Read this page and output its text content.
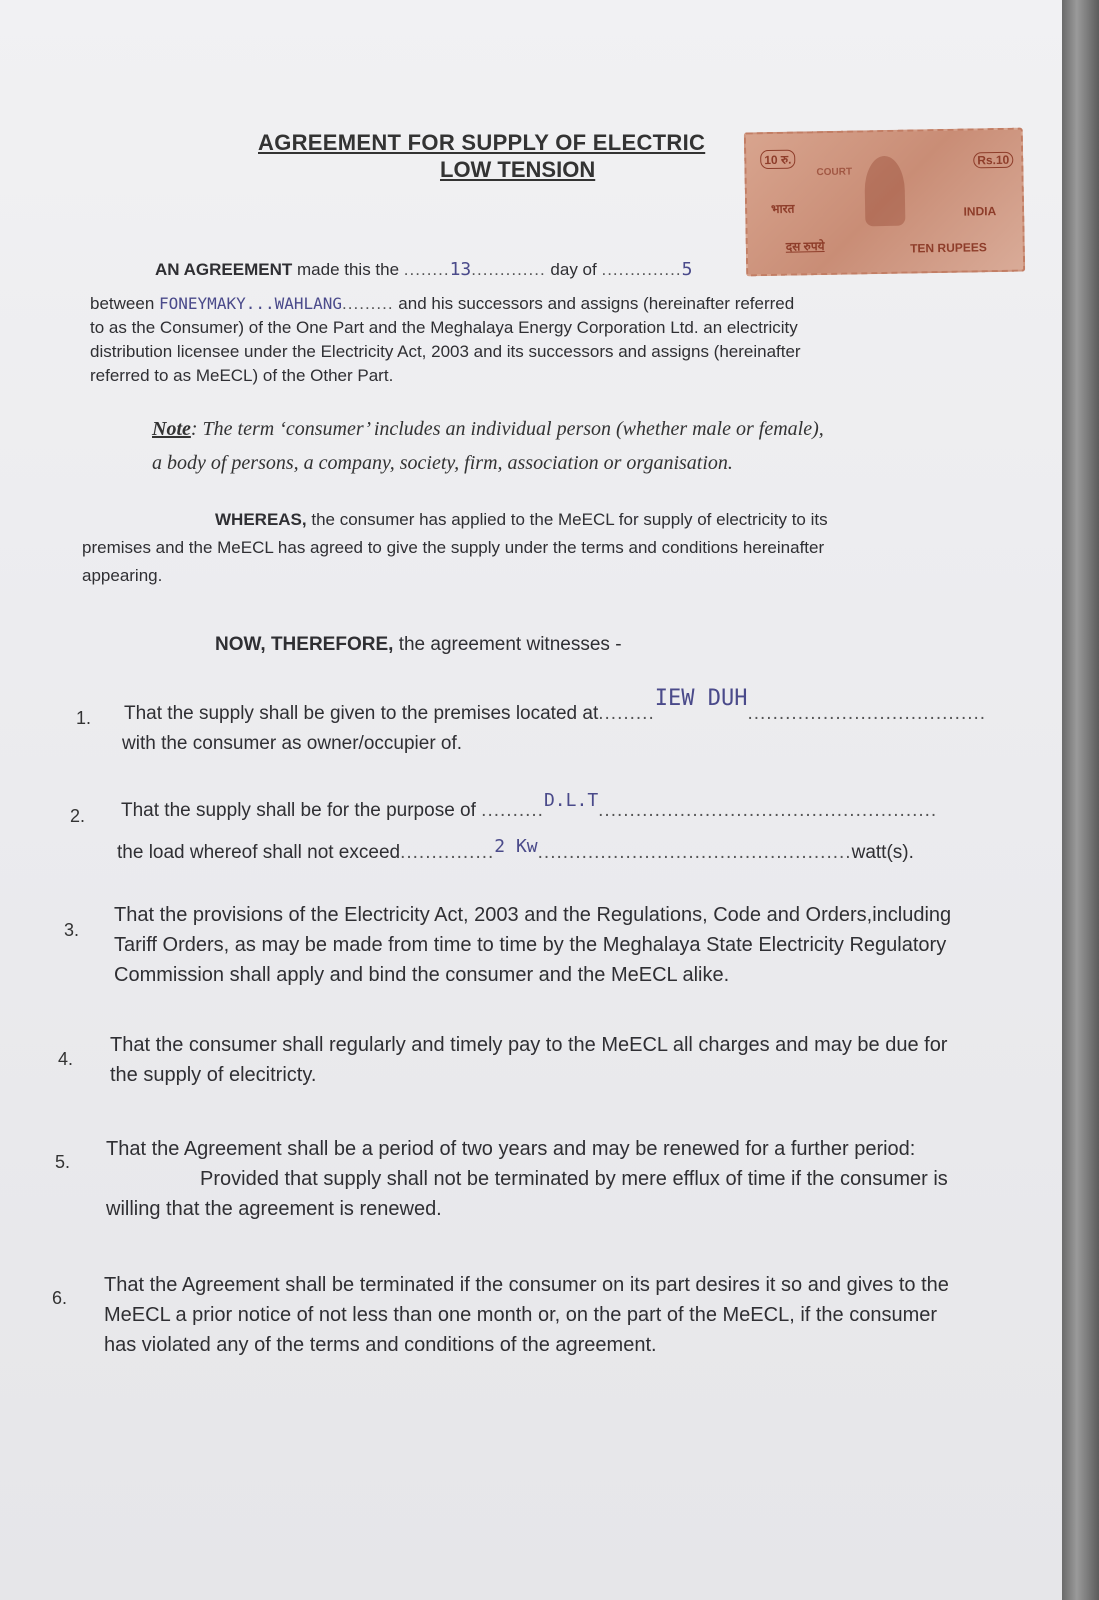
AGREEMENT FOR SUPPLY OF ELECTRIC
LOW TENSION	10 रु.	Rs.10
COURT
भारत	INDIA
दस रुपये	TEN RUPEES
AN AGREEMENT made this the ........13............. day of ..............5
between FONEYMAKY...WAHLANG......... and his successors and assigns (hereinafter referred
to as the Consumer) of the One Part and the Meghalaya Energy Corporation Ltd. an electricity
distribution licensee under the Electricity Act, 2003 and its successors and assigns (hereinafter
referred to as MeECL) of the Other Part.
Note: The term ‘consumer’ includes an individual person (whether male or female),
a body of persons, a company, society, firm, association or organisation.
WHEREAS, the consumer has applied to the MeECL for supply of electricity to its
premises and the MeECL has agreed to give the supply under the terms and conditions hereinafter
appearing.
NOW, THEREFORE, the agreement witnesses -
1. That the supply shall be given to the premises located at.........IEW DUH......................................
with the consumer as owner/occupier of.
2. That the supply shall be for the purpose of ..........D.L.T......................................................
the load whereof shall not exceed...............2 Kw..................................................watt(s).
3.
That the provisions of the Electricity Act, 2003 and the Regulations, Code and Orders,including
Tariff Orders, as may be made from time to time by the Meghalaya State Electricity Regulatory
Commission shall apply and bind the consumer and the MeECL alike.
4.
That the consumer shall regularly and timely pay to the MeECL all charges and may be due for
the supply of elecitricty.
5.
That the Agreement shall be a period of two years and may be renewed for a further period:
Provided that supply shall not be terminated by mere efflux of time if the consumer is
willing that the agreement is renewed.
6.
That the Agreement shall be terminated if the consumer on its part desires it so and gives to the
MeECL a prior notice of not less than one month or, on the part of the MeECL, if the consumer
has violated any of the terms and conditions of the agreement.
